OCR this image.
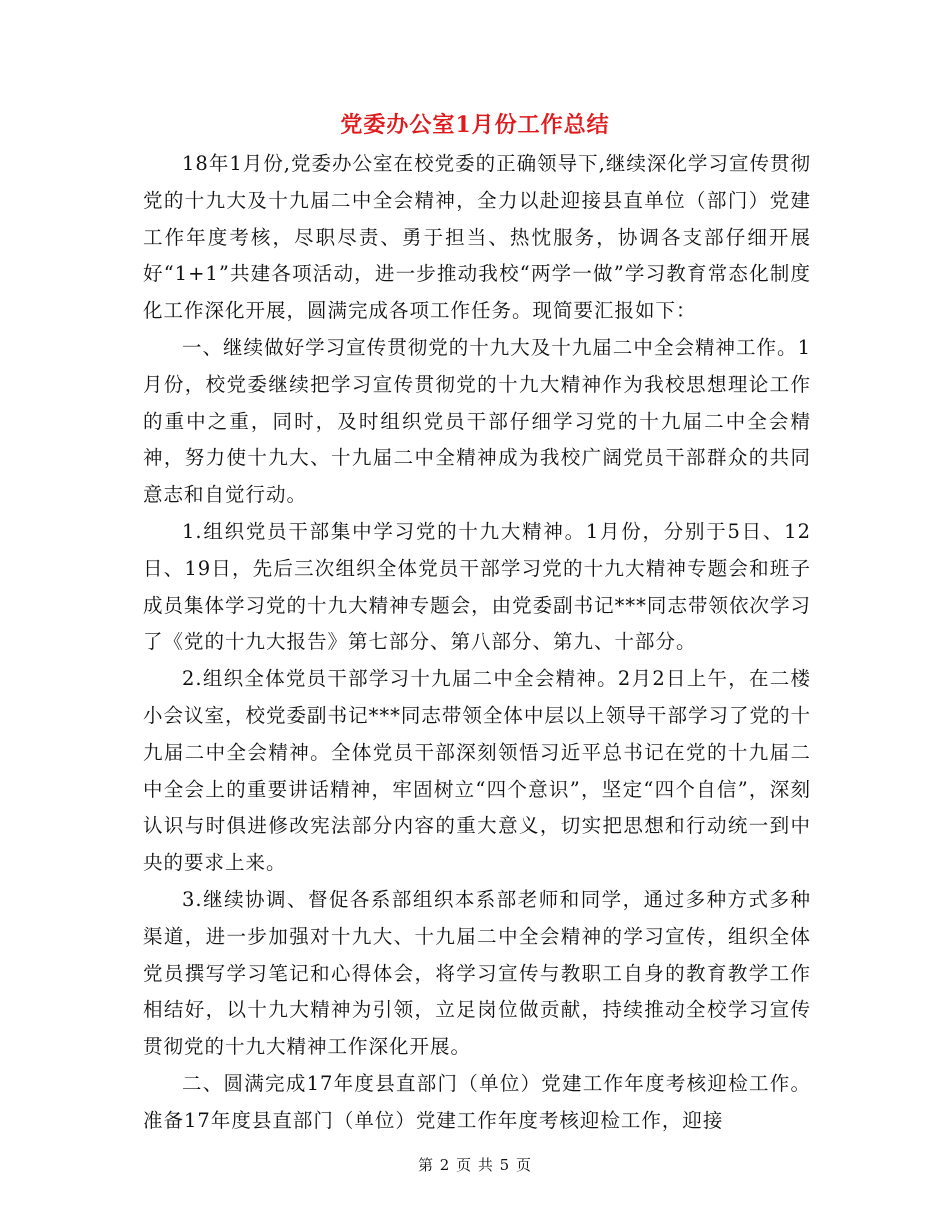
党委办公室1月份工作总结

18年1月份,党委办公室在校党委的正确领导下,继续深化学习宣传贯彻党的十九大及十九届二中全会精神，全力以赴迎接县直单位（部门）党建工作年度考核，尽职尽责、勇于担当、热忱服务，协调各支部仔细开展好“1+1”共建各项活动，进一步推动我校“两学一做”学习教育常态化制度化工作深化开展，圆满完成各项工作任务。现简要汇报如下：

一、继续做好学习宣传贯彻党的十九大及十九届二中全会精神工作。1月份，校党委继续把学习宣传贯彻党的十九大精神作为我校思想理论工作的重中之重，同时，及时组织党员干部仔细学习党的十九届二中全会精神，努力使十九大、十九届二中全精神成为我校广阔党员干部群众的共同意志和自觉行动。

1.组织党员干部集中学习党的十九大精神。1月份，分别于5日、12日、19日，先后三次组织全体党员干部学习党的十九大精神专题会和班子成员集体学习党的十九大精神专题会，由党委副书记***同志带领依次学习了《党的十九大报告》第七部分、第八部分、第九、十部分。

2.组织全体党员干部学习十九届二中全会精神。2月2日上午，在二楼小会议室，校党委副书记***同志带领全体中层以上领导干部学习了党的十九届二中全会精神。全体党员干部深刻领悟习近平总书记在党的十九届二中全会上的重要讲话精神，牢固树立“四个意识”，坚定“四个自信”，深刻认识与时俱进修改宪法部分内容的重大意义，切实把思想和行动统一到中央的要求上来。

3.继续协调、督促各系部组织本系部老师和同学，通过多种方式多种渠道，进一步加强对十九大、十九届二中全会精神的学习宣传，组织全体党员撰写学习笔记和心得体会，将学习宣传与教职工自身的教育教学工作相结好，以十九大精神为引领，立足岗位做贡献，持续推动全校学习宣传贯彻党的十九大精神工作深化开展。

二、圆满完成17年度县直部门（单位）党建工作年度考核迎检工作。准备17年度县直部门（单位）党建工作年度考核迎检工作，迎接

第 2 页 共 5 页
